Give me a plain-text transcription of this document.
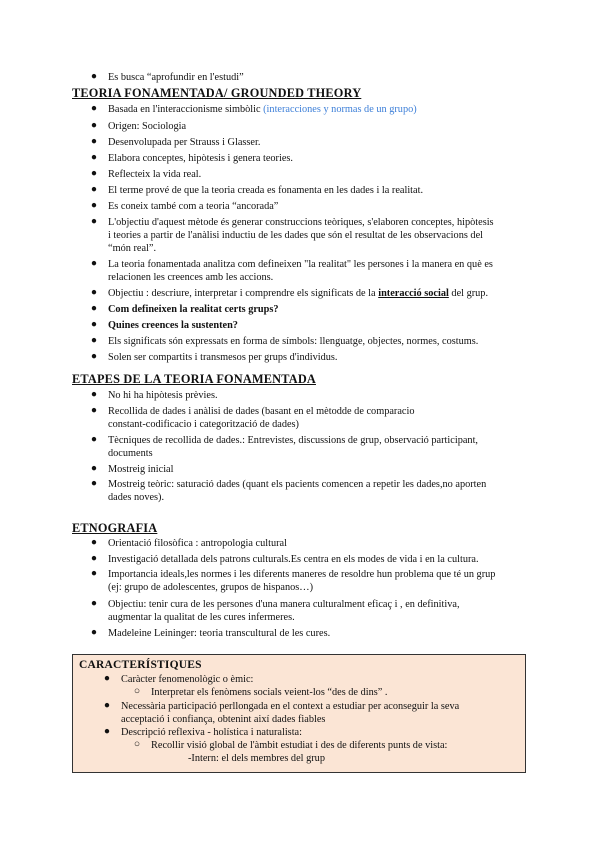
● Es busca “aprofundir en l'estudi”
TEORIA FONAMENTADA/ GROUNDED THEORY
● Basada en l'interaccionisme simbòlic (interacciones y normas de un grupo)
● Origen: Sociologia
● Desenvolupada per Strauss i Glasser.
● Elabora conceptes, hipòtesis i genera teories.
● Reflecteix la vida real.
● El terme prové de que la teoria creada es fonamenta en les dades i la realitat.
● Es coneix també com a teoria “ancorada”
● L'objectiu d'aquest mètode és generar construccions teòriques, s'elaboren conceptes, hipòtesis
i teories a partir de l'anàlisi inductiu de les dades que són el resultat de les observacions del
“món real”.
● La teoria fonamentada analitza com defineixen "la realitat" les persones i la manera en què es
relacionen les creences amb les accions.
● Objectiu : descriure, interpretar i comprendre els significats de la interacció social del grup.
● Com defineixen la realitat certs grups?
● Quines creences la sustenten?
● Els significats són expressats en forma de símbols: llenguatge, objectes, normes, costums.
● Solen ser compartits i transmesos per grups d'individus.
ETAPES DE LA TEORIA FONAMENTADA
● No hi ha hipòtesis prèvies.
● Recollida de dades i anàlisi de dades (basant en el mètodde de comparacio
constant-codificacio i categorització de dades)
● Tècniques de recollida de dades.: Entrevistes, discussions de grup, observació participant,
documents
● Mostreig inicial
● Mostreig teòric: saturació dades (quant els pacients comencen a repetir les dades,no aporten
dades noves).
ETNOGRAFIA
● Orientació filosòfica : antropologia cultural
● Investigació detallada dels patrons culturals.Es centra en els modes de vida i en la cultura.
● Importancia ideals,les normes i les diferents maneres de resoldre hun problema que té un grup
(ej: grupo de adolescentes, grupos de hispanos…)
● Objectiu: tenir cura de les persones d'una manera culturalment eficaç i , en definitiva,
augmentar la qualitat de les cures infermeres.
● Madeleine Leininger: teoria transcultural de les cures.
CARACTERÍSTIQUES
● Caràcter fenomenològic o èmic:
○ Interpretar els fenòmens socials veient-los “des de dins” .
● Necessària participació perllongada en el context a estudiar per aconseguir la seva
acceptació i confiança, obtenint així dades fiables
● Descripció reflexiva - holística i naturalista:
○ Recollir visió global de l'àmbit estudiat i des de diferents punts de vista:
-Intern: el dels membres del grup
